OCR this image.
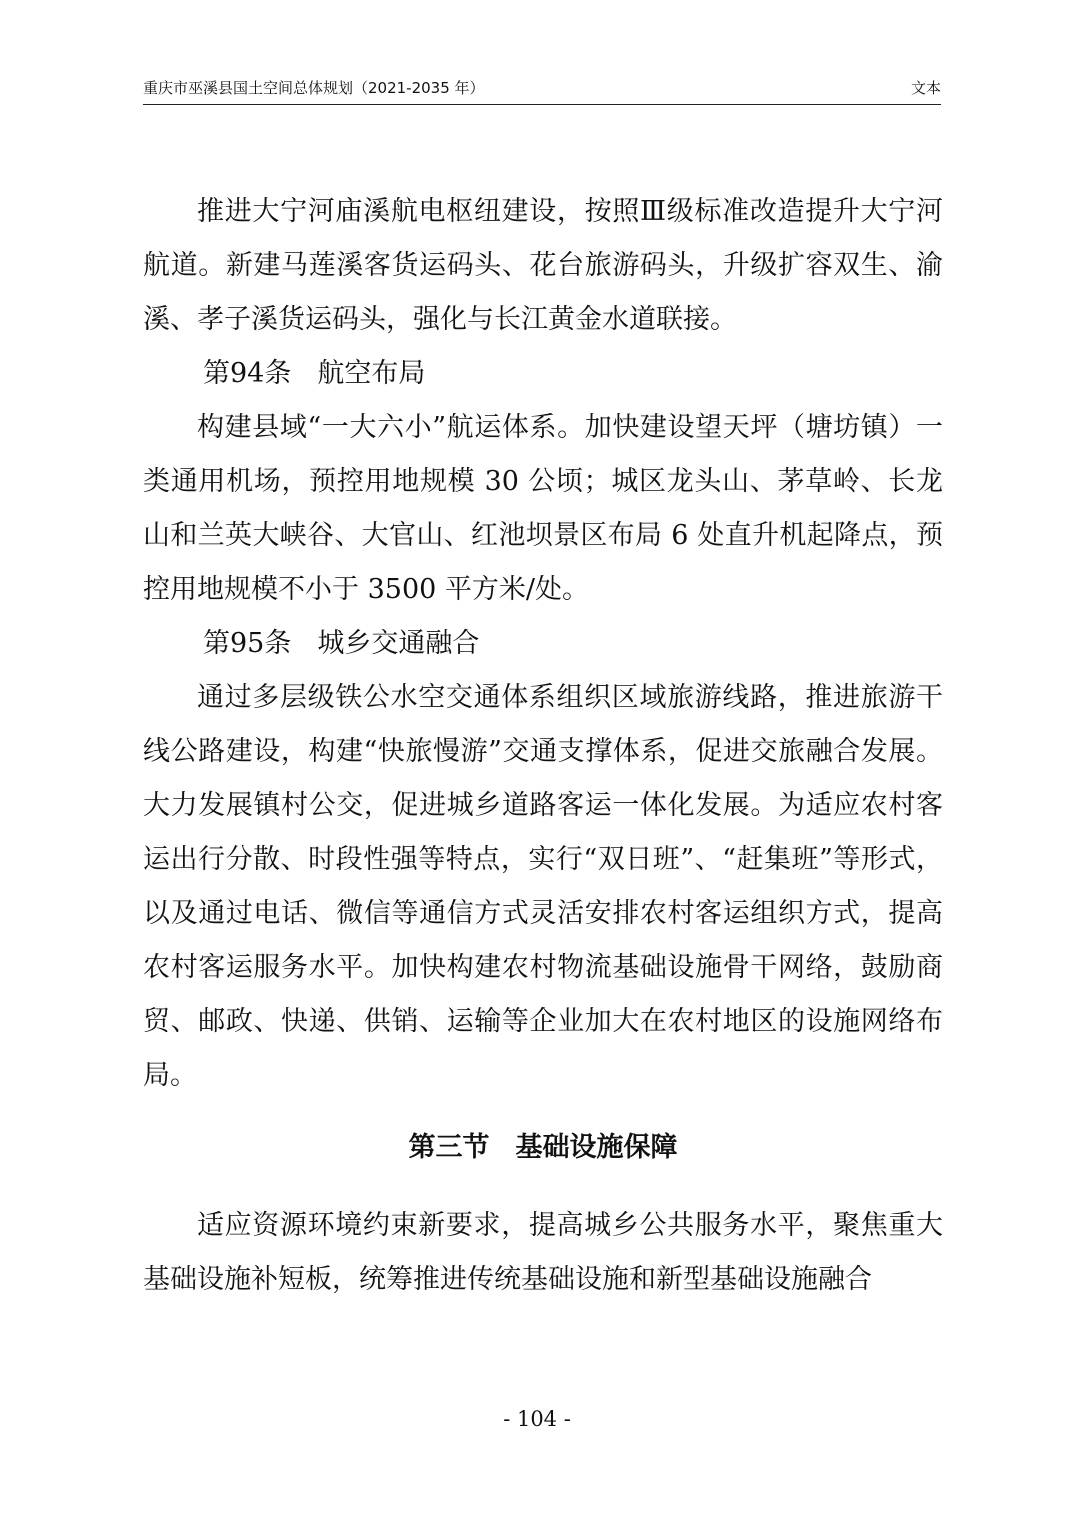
重庆市巫溪县国土空间总体规划（2021-2035 年）	文本

推进大宁河庙溪航电枢纽建设，按照Ⅲ级标准改造提升大宁河航道。新建马莲溪客货运码头、花台旅游码头，升级扩容双生、渝溪、孝子溪货运码头，强化与长江黄金水道联接。

第94条 航空布局

构建县域“一大六小”航运体系。加快建设望天坪（塘坊镇）一类通用机场，预控用地规模 30 公顷；城区龙头山、茅草岭、长龙山和兰英大峡谷、大官山、红池坝景区布局 6 处直升机起降点，预控用地规模不小于 3500 平方米/处。

第95条 城乡交通融合

通过多层级铁公水空交通体系组织区域旅游线路，推进旅游干线公路建设，构建“快旅慢游”交通支撑体系，促进交旅融合发展。大力发展镇村公交，促进城乡道路客运一体化发展。为适应农村客运出行分散、时段性强等特点，实行“双日班”、“赶集班”等形式，以及通过电话、微信等通信方式灵活安排农村客运组织方式，提高农村客运服务水平。加快构建农村物流基础设施骨干网络，鼓励商贸、邮政、快递、供销、运输等企业加大在农村地区的设施网络布局。

第三节 基础设施保障

适应资源环境约束新要求，提高城乡公共服务水平，聚焦重大基础设施补短板，统筹推进传统基础设施和新型基础设施融合

- 104 -
